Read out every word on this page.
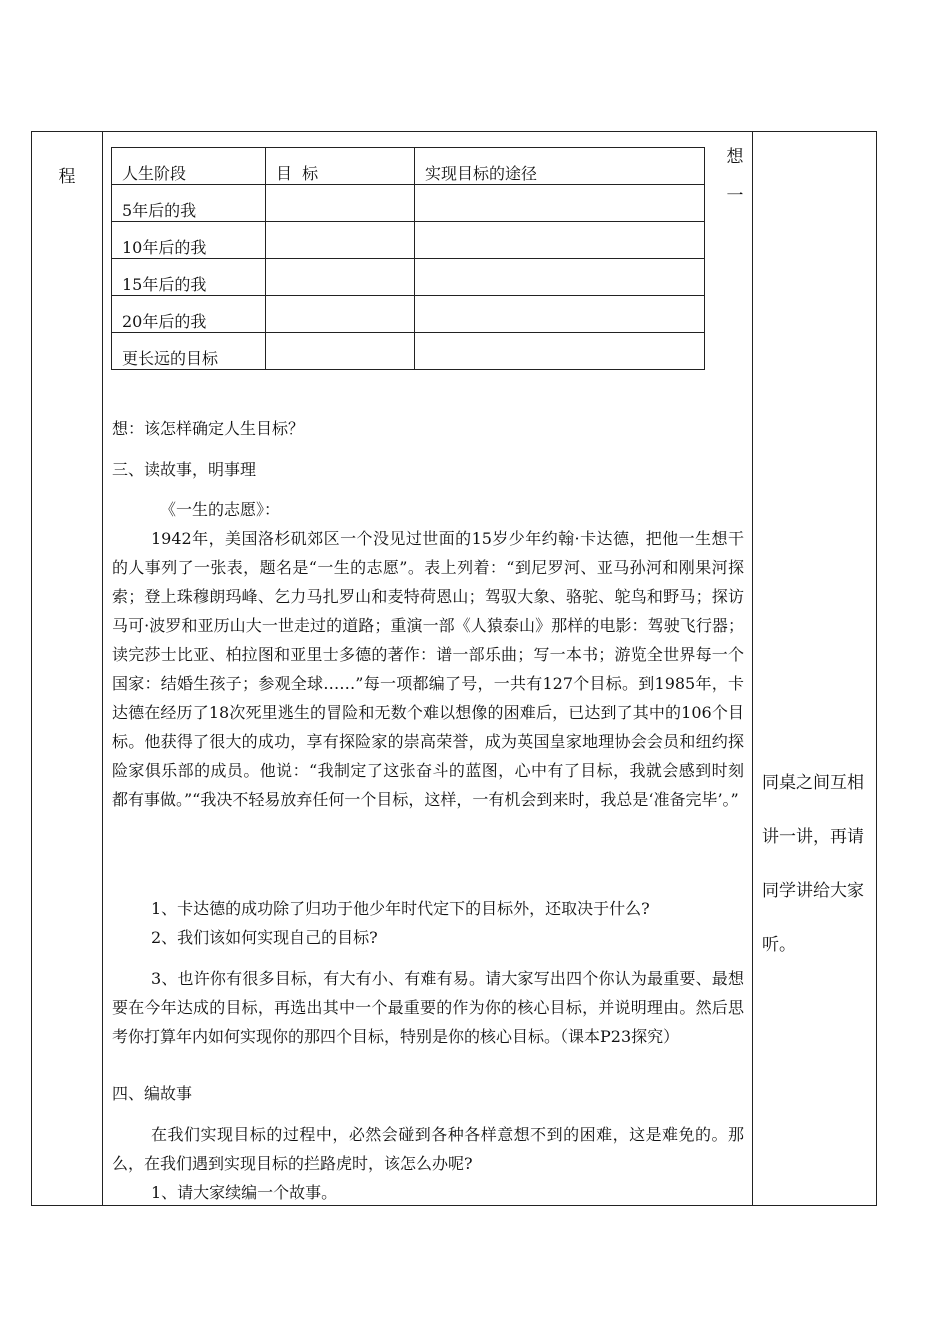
程
想
一
人生阶段	目  标	实现目标的途径
5年后的我		
10年后的我		
15年后的我		
20年后的我		
更长远的目标		

想：该怎样确定人生目标？

三、读故事，明事理

《一生的志愿》：

1942年，美国洛杉矶郊区一个没见过世面的15岁少年约翰·卡达德，把他一生想干的人事列了一张表，题名是“一生的志愿”。表上列着：“到尼罗河、亚马孙河和刚果河探索；登上珠穆朗玛峰、乞力马扎罗山和麦特荷恩山；驾驭大象、骆驼、鸵鸟和野马；探访马可·波罗和亚历山大一世走过的道路；重演一部《人猿泰山》那样的电影：驾驶飞行器；读完莎士比亚、柏拉图和亚里士多德的著作：谱一部乐曲；写一本书；游览全世界每一个国家：结婚生孩子；参观全球……”每一项都编了号，一共有127个目标。到1985年，卡达德在经历了18次死里逃生的冒险和无数个难以想像的困难后，已达到了其中的106个目标。他获得了很大的成功，享有探险家的崇高荣誉，成为英国皇家地理协会会员和纽约探险家俱乐部的成员。他说：“我制定了这张奋斗的蓝图，心中有了目标，我就会感到时刻都有事做。”“我决不轻易放弃任何一个目标，这样，一有机会到来时，我总是‘准备完毕’。”

1、卡达德的成功除了归功于他少年时代定下的目标外，还取决于什么?

2、我们该如何实现自己的目标?

3、也许你有很多目标，有大有小、有难有易。请大家写出四个你认为最重要、最想要在今年达成的目标，再选出其中一个最重要的作为你的核心目标，并说明理由。然后思考你打算年内如何实现你的那四个目标，特别是你的核心目标。（课本P23探究）

四、编故事

在我们实现目标的过程中，必然会碰到各种各样意想不到的困难，这是难免的。那么，在我们遇到实现目标的拦路虎时，该怎么办呢?

1、请大家续编一个故事。

同桌之间互相讲一讲，再请同学讲给大家听。
